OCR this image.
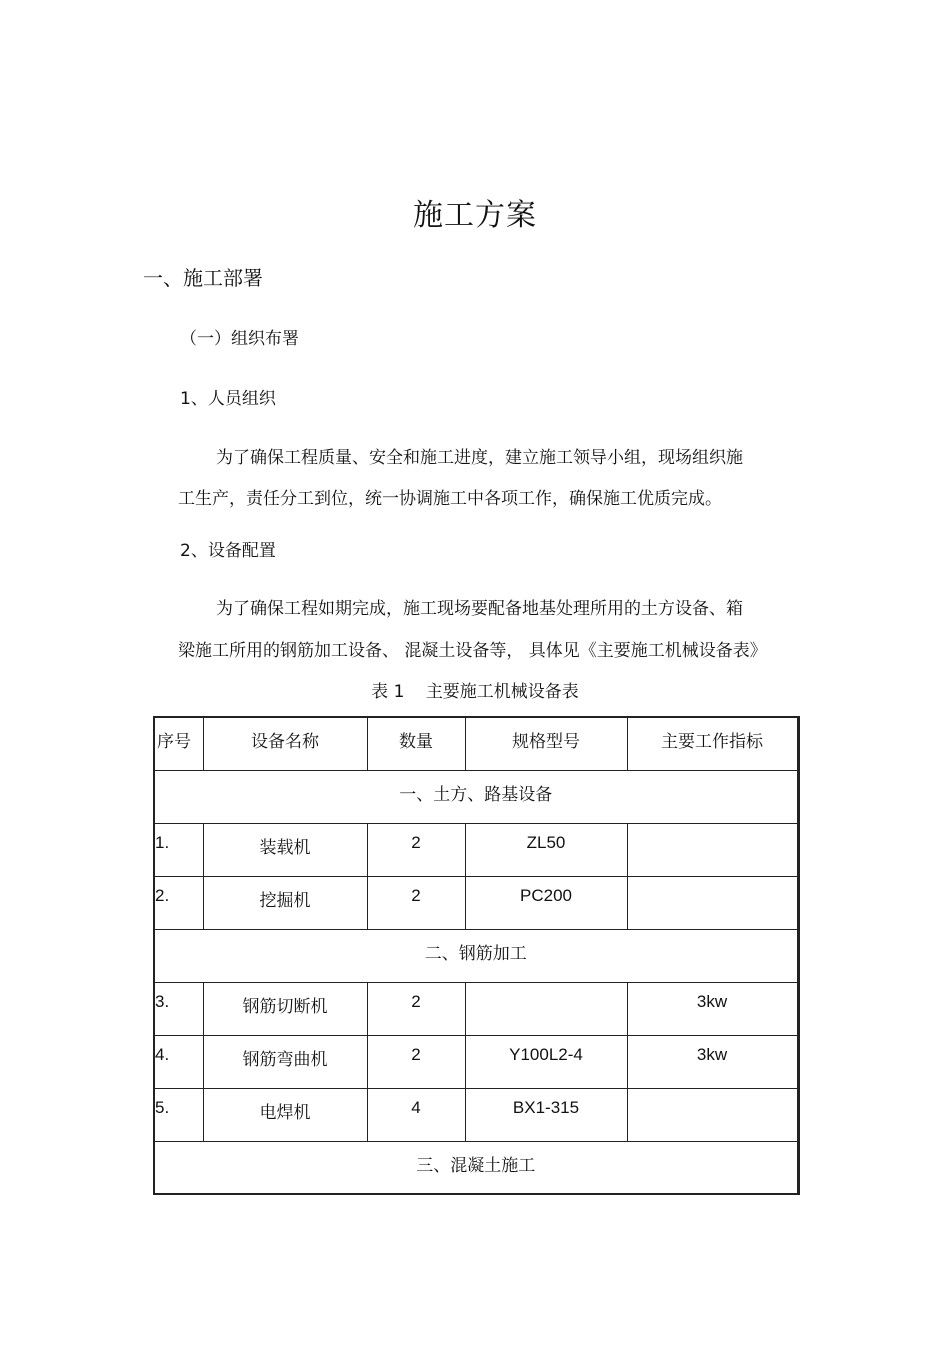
施工方案
一、施工部署
（一）组织布署
1、人员组织
为了确保工程质量、安全和施工进度，建立施工领导小组，现场组织施
工生产，责任分工到位，统一协调施工中各项工作，确保施工优质完成。
2、设备配置
为了确保工程如期完成，施工现场要配备地基处理所用的土方设备、箱
梁施工所用的钢筋加工设备、 混凝土设备等， 具体见《主要施工机械设备表》
表 1 主要施工机械设备表
序号	设备名称	数量	规格型号	主要工作指标
一、土方、路基设备				
1.	装载机	2	ZL50	
2.	挖掘机	2	PC200	
二、钢筋加工				
3.	钢筋切断机	2		3kw
4.	钢筋弯曲机	2	Y100L2-4	3kw
5.	电焊机	4	BX1-315	
三、混凝土施工				
